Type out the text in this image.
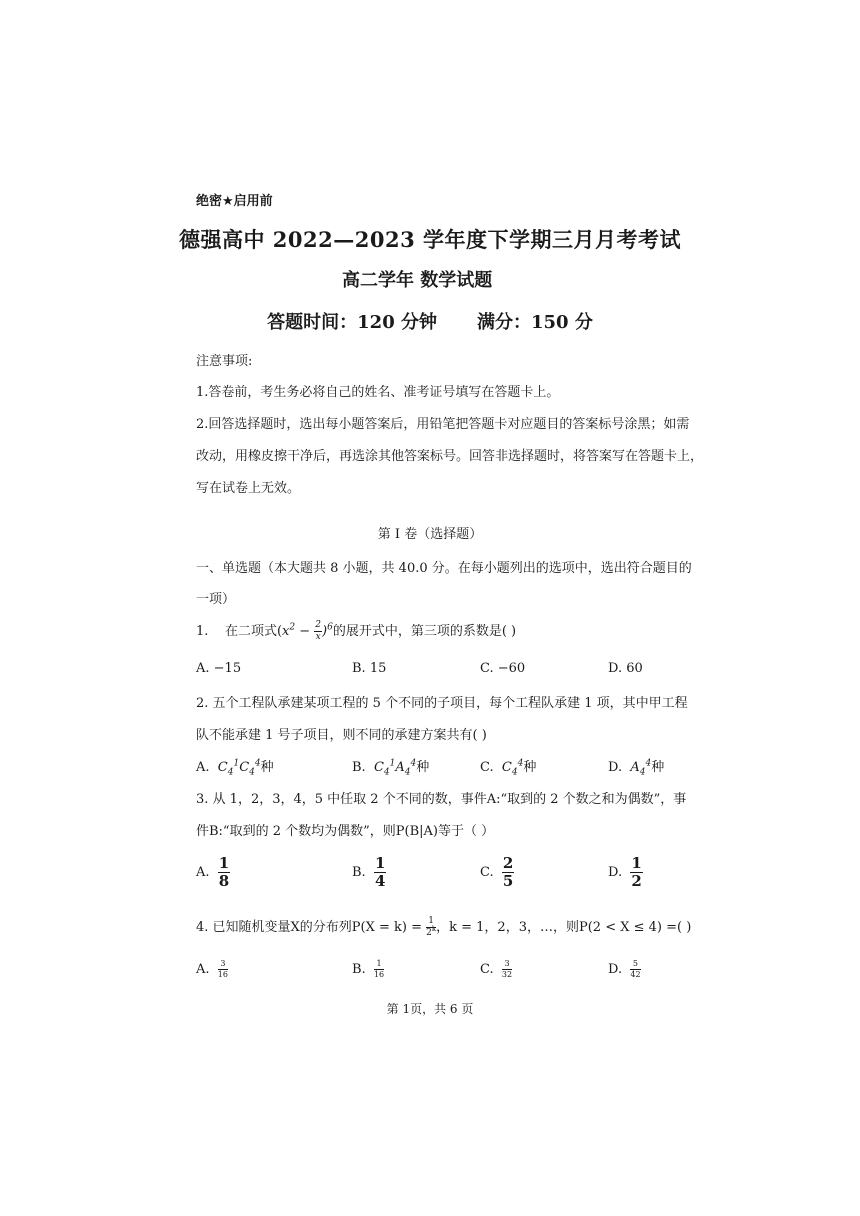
绝密★启用前
德强高中 2022—2023 学年度下学期三月月考考试
高二学年 数学试题
答题时间：120 分钟 满分：150 分
注意事项:
1.答卷前，考生务必将自己的姓名、准考证号填写在答题卡上。
2.回答选择题时，选出每小题答案后，用铅笔把答题卡对应题目的答案标号涂黑；如需
改动，用橡皮擦干净后，再选涂其他答案标号。回答非选择题时，将答案写在答题卡上，
写在试卷上无效。
第 I 卷（选择题）
一、单选题（本大题共 8 小题，共 40.0 分。在每小题列出的选项中，选出符合题目的
一项）
1. 在二项式$(x^2 - \frac{2}{x} )^6$的展开式中，第三项的系数是( )
A. −15	B. 15	C. −60	D. 60
2. 五个工程队承建某项工程的 5 个不同的子项目，每个工程队承建 1 项，其中甲工程
队不能承建 1 号子项目，则不同的承建方案共有( )
A. $C_4^1C_4^4$种	B. $C_4^1A_4^4$种	C. $C_4^4$种	D. $A_4^4$种
3. 从 1，2，3，4，5 中任取 2 个不同的数，事件A:“取到的 2 个数之和为偶数”，事
件B:“取到的 2 个数均为偶数”，则P(B|A)等于（ ）
A. $\frac{1}{8}$	B. $\frac{1}{4}$	C. $\frac{2}{5}$	D. $\frac{1}{2}$
4. 已知随机变量X的分布列$P(X = k) = \frac{1}{2^k}$ ，k = 1，2，3，…，则P(2 < X ≤ 4) =( )
A. $\frac{3}{16}$	B. $\frac{1}{16}$	C. $\frac{3}{32}$	D. $\frac{5}{42}$
第 1页，共 6 页
